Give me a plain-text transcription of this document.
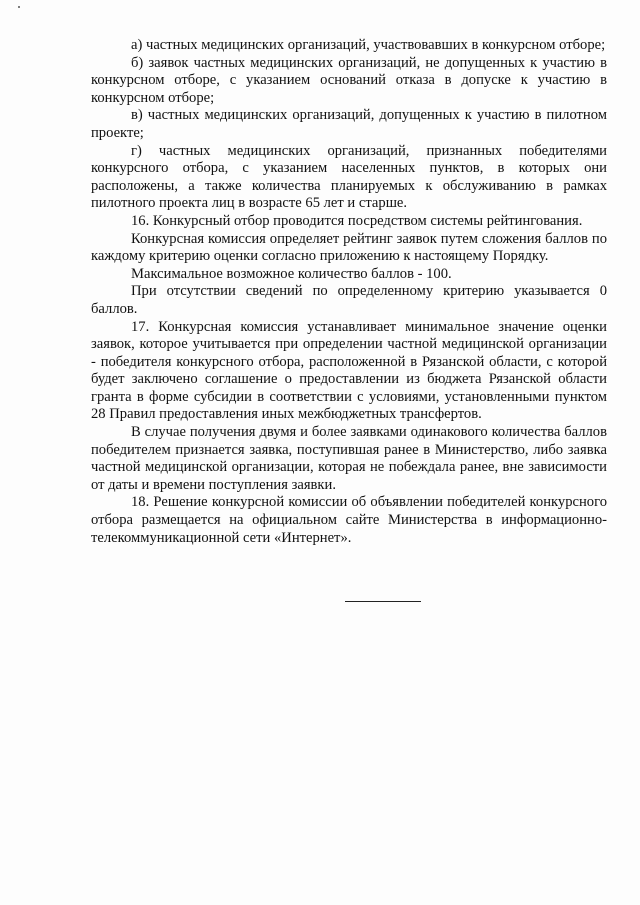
а) частных медицинских организаций, участвовавших в конкурсном отборе;

б) заявок частных медицинских организаций, не допущенных к участию в конкурсном отборе, с указанием оснований отказа в допуске к участию в конкурсном отборе;

в) частных медицинских организаций, допущенных к участию в пилотном проекте;

г) частных медицинских организаций, признанных победителями конкурсного отбора, с указанием населенных пунктов, в которых они расположены, а также количества планируемых к обслуживанию в рамках пилотного проекта лиц в возрасте 65 лет и старше.

16. Конкурсный отбор проводится посредством системы рейтингования.

Конкурсная комиссия определяет рейтинг заявок путем сложения баллов по каждому критерию оценки согласно приложению к настоящему Порядку.

Максимальное возможное количество баллов - 100.

При отсутствии сведений по определенному критерию указывается 0 баллов.

17. Конкурсная комиссия устанавливает минимальное значение оценки заявок, которое учитывается при определении частной медицинской организации - победителя конкурсного отбора, расположенной в Рязанской области, с которой будет заключено соглашение о предоставлении из бюджета Рязанской области гранта в форме субсидии в соответствии с условиями, установленными пунктом 28 Правил предоставления иных межбюджетных трансфертов.

В случае получения двумя и более заявками одинакового количества баллов победителем признается заявка, поступившая ранее в Министерство, либо заявка частной медицинской организации, которая не побеждала ранее, вне зависимости от даты и времени поступления заявки.

18. Решение конкурсной комиссии об объявлении победителей конкурсного отбора размещается на официальном сайте Министерства в информационно-телекоммуникационной сети «Интернет».
